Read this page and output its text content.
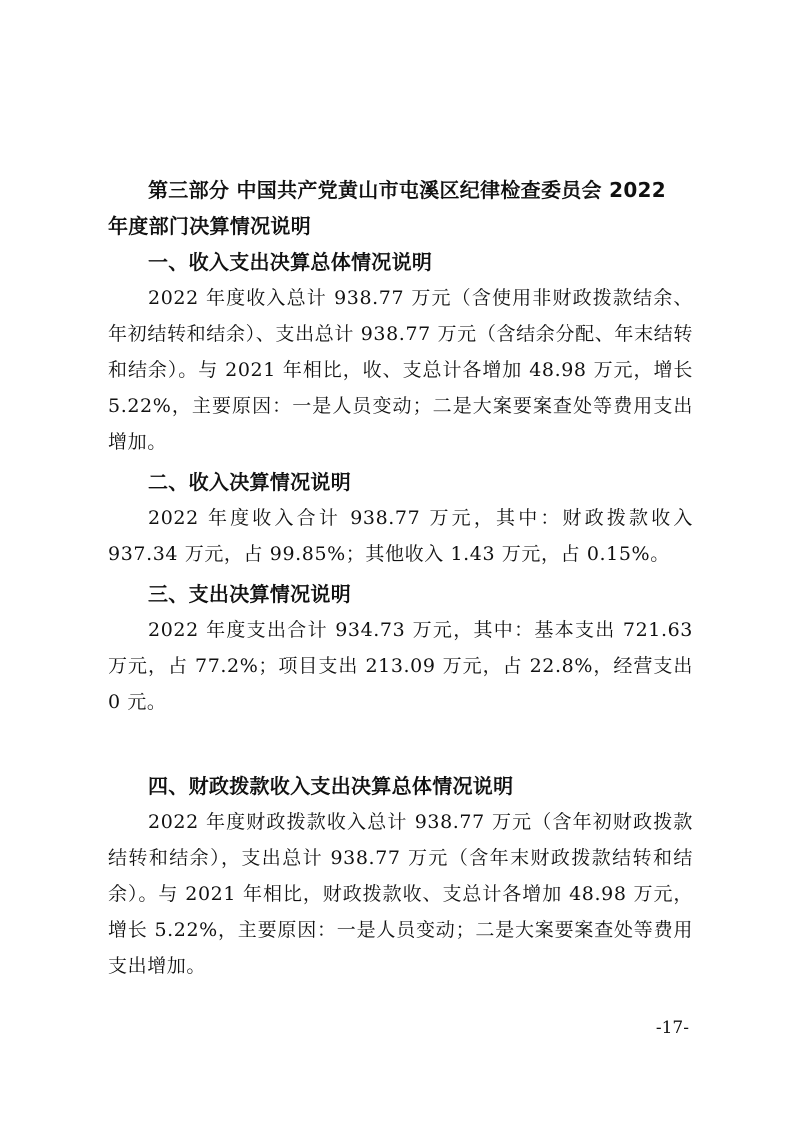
第三部分 中国共产党黄山市屯溪区纪律检查委员会 2022 年度部门决算情况说明

一、收入支出决算总体情况说明

2022 年度收入总计 938.77 万元（含使用非财政拨款结余、年初结转和结余）、支出总计 938.77 万元（含结余分配、年末结转和结余）。与 2021 年相比，收、支总计各增加 48.98 万元，增长 5.22%，主要原因：一是人员变动；二是大案要案查处等费用支出增加。

二、收入决算情况说明

2022 年度收入合计 938.77 万元，其中：财政拨款收入 937.34 万元，占 99.85%；其他收入 1.43 万元，占 0.15%。

三、支出决算情况说明

2022 年度支出合计 934.73 万元，其中：基本支出 721.63 万元，占 77.2%；项目支出 213.09 万元，占 22.8%，经营支出 0 元。

四、财政拨款收入支出决算总体情况说明

2022 年度财政拨款收入总计 938.77 万元（含年初财政拨款结转和结余），支出总计 938.77 万元（含年末财政拨款结转和结余）。与 2021 年相比，财政拨款收、支总计各增加 48.98 万元，增长 5.22%，主要原因：一是人员变动；二是大案要案查处等费用支出增加。

-17-
